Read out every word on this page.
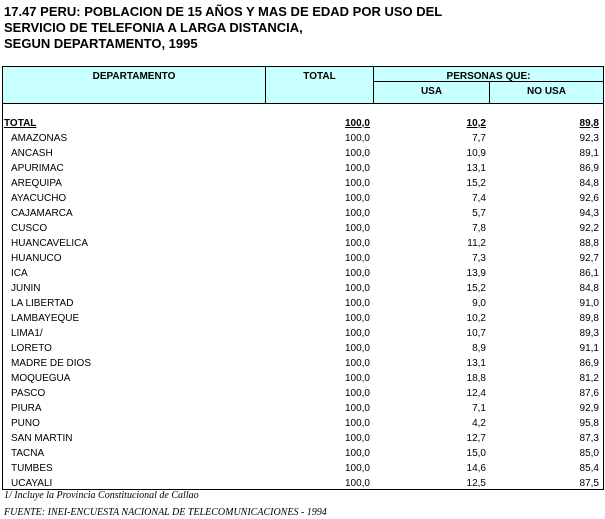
17.47 PERU: POBLACION DE 15 AÑOS Y MAS DE EDAD POR USO DEL
SERVICIO DE TELEFONIA A LARGA DISTANCIA,
SEGUN DEPARTAMENTO, 1995
DEPARTAMENTO	TOTAL	PERSONAS QUE:
USA	NO USA
TOTAL	100,0	10,2	89,8
AMAZONAS	100,0	7,7	92,3
ANCASH	100,0	10,9	89,1
APURIMAC	100,0	13,1	86,9
AREQUIPA	100,0	15,2	84,8
AYACUCHO	100,0	7,4	92,6
CAJAMARCA	100,0	5,7	94,3
CUSCO	100,0	7,8	92,2
HUANCAVELICA	100,0	11,2	88,8
HUANUCO	100,0	7,3	92,7
ICA	100,0	13,9	86,1
JUNIN	100,0	15,2	84,8
LA LIBERTAD	100,0	9,0	91,0
LAMBAYEQUE	100,0	10,2	89,8
LIMA1/	100,0	10,7	89,3
LORETO	100,0	8,9	91,1
MADRE DE DIOS	100,0	13,1	86,9
MOQUEGUA	100,0	18,8	81,2
PASCO	100,0	12,4	87,6
PIURA	100,0	7,1	92,9
PUNO	100,0	4,2	95,8
SAN MARTIN	100,0	12,7	87,3
TACNA	100,0	15,0	85,0
TUMBES	100,0	14,6	85,4
UCAYALI	100,0	12,5	87,5
1/ Incluye la Provincia Constitucional de Callao
FUENTE: INEI-ENCUESTA NACIONAL DE TELECOMUNICACIONES - 1994
